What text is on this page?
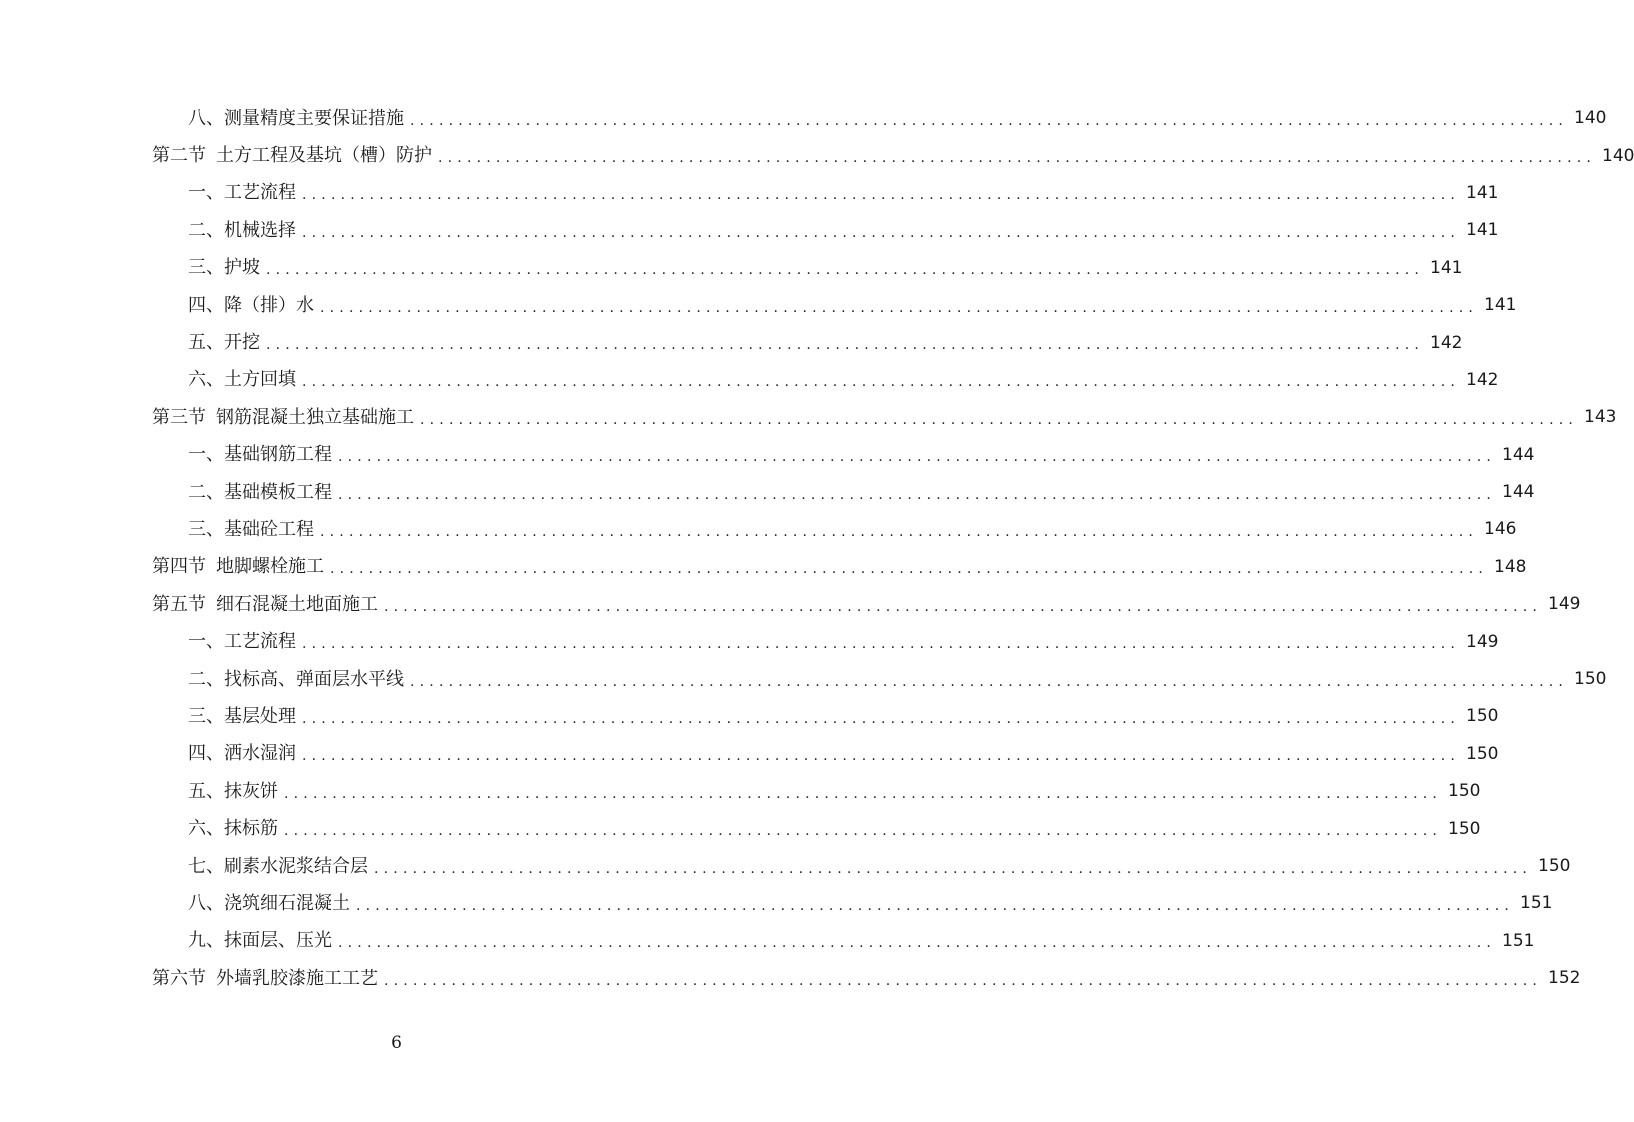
八、测量精度主要保证措施 ........................................................................................................................ 140
第二节 土方工程及基坑（槽）防护 ........................................................................................................................ 140
一、工艺流程 ........................................................................................................................ 141
二、机械选择 ........................................................................................................................ 141
三、护坡 ........................................................................................................................ 141
四、降（排）水 ........................................................................................................................ 141
五、开挖 ........................................................................................................................ 142
六、土方回填 ........................................................................................................................ 142
第三节 钢筋混凝土独立基础施工 ........................................................................................................................ 143
一、基础钢筋工程 ........................................................................................................................ 144
二、基础模板工程 ........................................................................................................................ 144
三、基础砼工程 ........................................................................................................................ 146
第四节 地脚螺栓施工 ........................................................................................................................ 148
第五节 细石混凝土地面施工 ........................................................................................................................ 149
一、工艺流程 ........................................................................................................................ 149
二、找标高、弹面层水平线 ........................................................................................................................ 150
三、基层处理 ........................................................................................................................ 150
四、洒水湿润 ........................................................................................................................ 150
五、抹灰饼 ........................................................................................................................ 150
六、抹标筋 ........................................................................................................................ 150
七、刷素水泥浆结合层 ........................................................................................................................ 150
八、浇筑细石混凝土 ........................................................................................................................ 151
九、抹面层、压光 ........................................................................................................................ 151
第六节 外墙乳胶漆施工工艺 ........................................................................................................................ 152
6
